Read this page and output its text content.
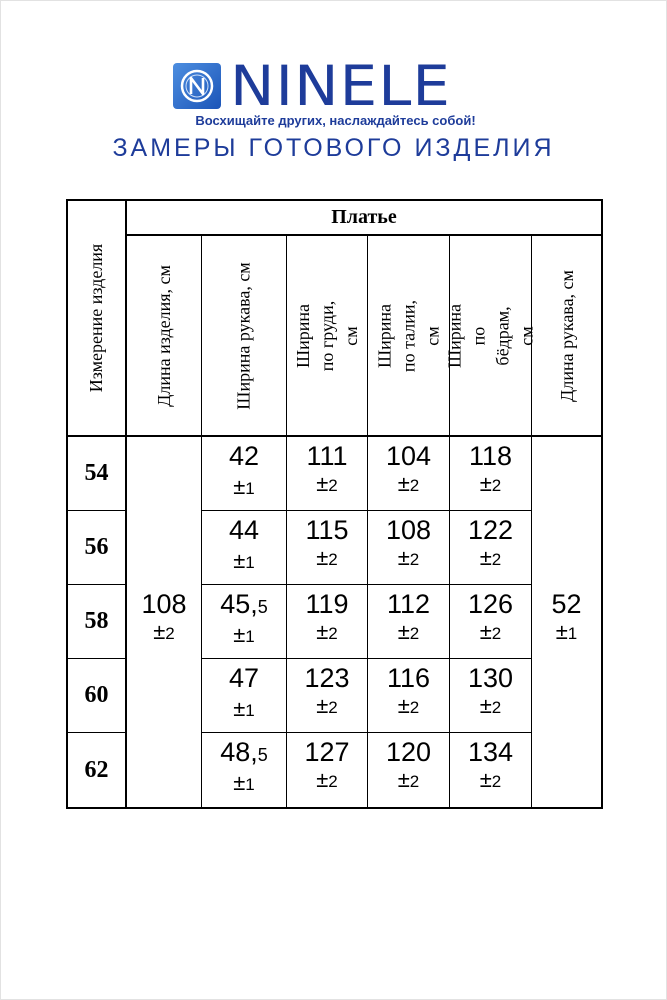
NINELE
Восхищайте других, наслаждайтесь собой!
ЗАМЕРЫ ГОТОВОГО ИЗДЕЛИЯ
Измерение изделия
Платье
Длина изделия, см	Ширина рукава, см Ширина по груди, см Ширина по талии, см Ширина по бёдрам, см Длина рукава, см
54
56
58
60
62
108
±2
52
±1
42
±1
44
±1
45,5
±1
47
±1
48,5
±1
111
±2
115
±2
119
±2
123
±2
127
±2
104
±2
108
±2
112
±2
116
±2
120
±2
118
±2
122
±2
126
±2
130
±2
134
±2
